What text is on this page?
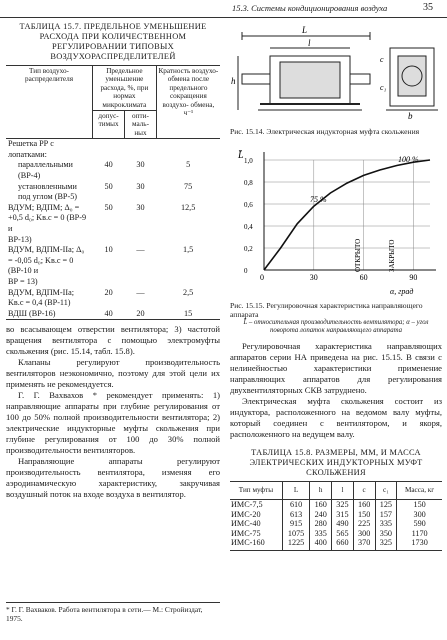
15.3. Системы кондиционирования воздуха	35
ТАБЛИЦА 15.7. ПРЕДЕЛЬНОЕ УМЕНЬШЕНИЕ РАСХОДА ПРИ КОЛИЧЕСТВЕННОМ РЕГУЛИРОВАНИИ ТИПОВЫХ ВОЗДУХОРАСПРЕДЕЛИТЕЛЕЙ
Тип воздухо- распределителя	Предельное уменьшение расхода, %, при нормах микроклимата		Кратность воздухо- обмена после предельного сокращения воздухо- обмена, ч⁻¹
	допус- тимых	опти- маль- ных	
Решетка РР с лопатками:			
параллельными (ВР-4)	40	30	5
установленными под углом (ВР-5)	50	30	75
ВДУМ; ВДПМ; Δ₀ = +0,5 d₀; Kв.с = 0 (ВР-9 и	50	30	12,5
ВР-13)			
ВДУМ, ВДПМ-IIa; Δ₀ = -0,05 d₀; Kв.с = 0 (ВР-10 и	10	—	1,5
ВР = 13)			
ВДУМ, ВДПМ-IIa; Kв.с = 0,4 (ВР-11)	20	—	2,5
ВДШ (ВР-16)	40	20	15

во всасывающем отверстии вентилятора; 3) частотой вращения вентилятора с помощью электромуфты скольжения (рис. 15.14, табл. 15.8).

Клапаны регулируют производительность вентиляторов неэкономично, поэтому для этой цели их применять не рекомендуется.

Г. Г. Вахвахов * рекомендует применять: 1) направляющие аппараты при глубине регулирования от 100 до 50% полной производительности вентилятора; 2) электрические индукторные муфты скольжения при глубине регулирования от 100 до 30% полной производительности вентиляторов.

Направляющие аппараты регулируют производительность вентилятора, изменяя его аэродинамическую характеристику, закручивая воздушный поток на входе воздуха в вентилятор.

* Г. Г. Вахваков. Работа вентилятора в сети.— М.: Стройиздат, 1975.
L
l
h
b
c
c₁
Рис. 15.14. Электрическая индукторная муфта скольжения
0	30	60	90
0
0,2
0,4
0,6
0,8
1,0
L̄
α, град
100 %
75 %
ОТКРЫТО	ЗАКРЫТО
Рис. 15.15. Регулировочная характеристика направляющего аппарата
L̄ – относительная производительность вентилятора; α – угол поворота лопаток направляющего аппарата

Регулировочная характеристика направляющих аппаратов серии НА приведена на рис. 15.15. В связи с нелинейностью характеристики применение направляющих аппаратов для регулирования двухвентиляторных СКВ затруднено.

Электрическая муфта скольжения состоит из индуктора, расположенного на ведомом валу муфты, который соединен с вентилятором, и якоря, расположенного на ведущем валу.

ТАБЛИЦА 15.8. РАЗМЕРЫ, ММ, И МАССА ЭЛЕКТРИЧЕСКИХ ИНДУКТОРНЫХ МУФТ СКОЛЬЖЕНИЯ
Тип муфты	L	h	l	c	c₁	Масса, кг
ИМС-7,5	610	160	325	160	125	150
ИМС-20	613	240	315	150	157	300
ИМС-40	915	280	490	225	335	590
ИМС-75	1075	335	565	300	350	1170
ИМС-160	1225	400	660	370	325	1730
